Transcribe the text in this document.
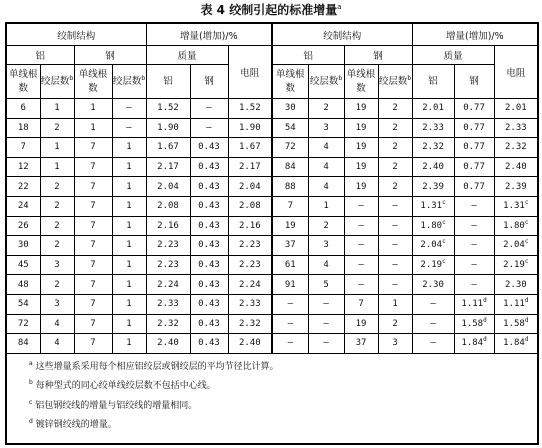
表 4 绞制引起的标准增量$^a$
绞制结构				增量(增加)/%			绞制结构				增量(增加)/%		
铝		钢		质量		电阻	铝		钢		质量		电阻
单线根数	绞层数$^b$	单线根数	绞层数$^b$	铝	钢		单线根数	绞层数$^b$	单线根数	绞层数$^b$	铝	钢	
6	1	1	—	1.52	—	1.52	30	2	19	2	2.01	0.77	2.01
18	2	1	—	1.90	—	1.90	54	3	19	2	2.33	0.77	2.33
7	1	7	1	1.67	0.43	1.67	72	4	19	2	2.32	0.77	2.32
12	1	7	1	2.17	0.43	2.17	84	4	19	2	2.40	0.77	2.40
22	2	7	1	2.04	0.43	2.04	88	4	19	2	2.39	0.77	2.39
24	2	7	1	2.08	0.43	2.08	7	1	—	—	1.31$^c$	—	1.31$^c$
26	2	7	1	2.16	0.43	2.16	19	2	—	—	1.80$^c$	—	1.80$^c$
30	2	7	1	2.23	0.43	2.23	37	3	—	—	2.04$^c$	—	2.04$^c$
45	3	7	1	2.23	0.43	2.23	61	4	—	—	2.19$^c$	—	2.19$^c$
48	2	7	1	2.24	0.43	2.24	91	5	—	—	2.30	—	2.30
54	3	7	1	2.33	0.43	2.33	—	—	7	1	—	1.11$^d$	1.11$^d$
72	4	7	1	2.32	0.43	2.32	—	—	19	2	—	1.58$^d$	1.58$^d$
84	4	7	1	2.40	0.43	2.40	—	—	37	3	—	1.84$^d$	1.84$^d$

$^a$ 这些增量系采用每个相应铝绞层或钢绞层的平均节径比计算。
$^b$ 每种型式的同心绞单线绞层数不包括中心线。
$^c$ 铝包钢绞线的增量与铝绞线的增量相同。
$^d$ 镀锌钢绞线的增量。													
